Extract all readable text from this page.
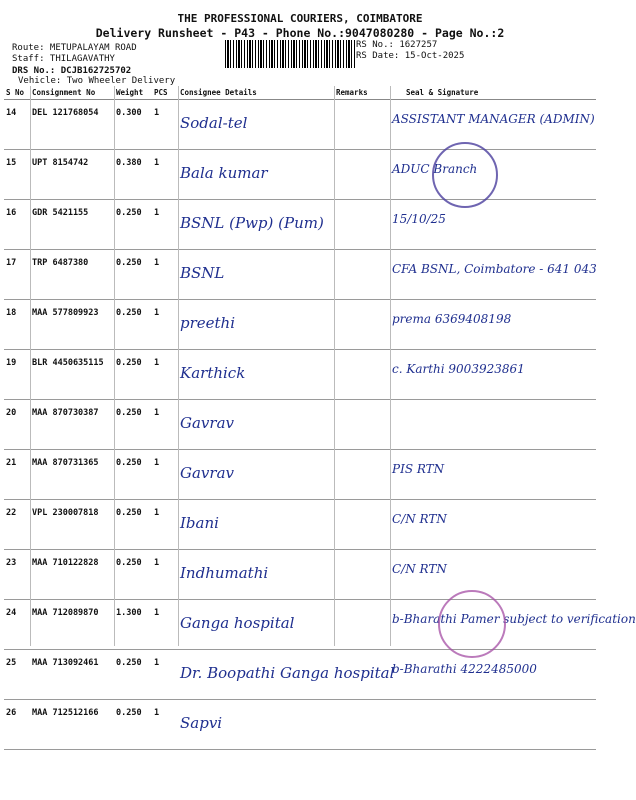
THE PROFESSIONAL COURIERS, COIMBATORE
Delivery Runsheet - P43 - Phone No.:9047080280 - Page No.:2
Route: METUPALAYAM ROAD
Staff: THILAGAVATHY
DRS No.: DCJB162725702
Vehicle: Two Wheeler Delivery
RS No.: 1627257
RS Date: 15-Oct-2025
S No	Consignment No	Weight	PCS	Consignee Details	Remarks	Seal & Signature
14	DEL 121768054	0.300	1	Sodal-tel		ASSISTANT MANAGER (ADMIN)
15	UPT 8154742	0.380	1	Bala kumar		ADUC Branch
16	GDR 5421155	0.250	1	BSNL (Pwp) (Pum)		15/10/25
17	TRP 6487380	0.250	1	BSNL		CFA BSNL, Coimbatore - 641 043
18	MAA 577809923	0.250	1	preethi		prema 6369408198
19	BLR 4450635115	0.250	1	Karthick		c. Karthi 9003923861
20	MAA 870730387	0.250	1	Gavrav		
21	MAA 870731365	0.250	1	Gavrav		PIS RTN
22	VPL 230007818	0.250	1	Ibani		C/N RTN
23	MAA 710122828	0.250	1	Indhumathi		C/N RTN
24	MAA 712089870	1.300	1	Ganga hospital		b-Bharathi Pamer subject to verification
25	MAA 713092461	0.250	1	Dr. Boopathi Ganga hospital		b-Bharathi 4222485000
26	MAA 712512166	0.250	1	Sapvi		
